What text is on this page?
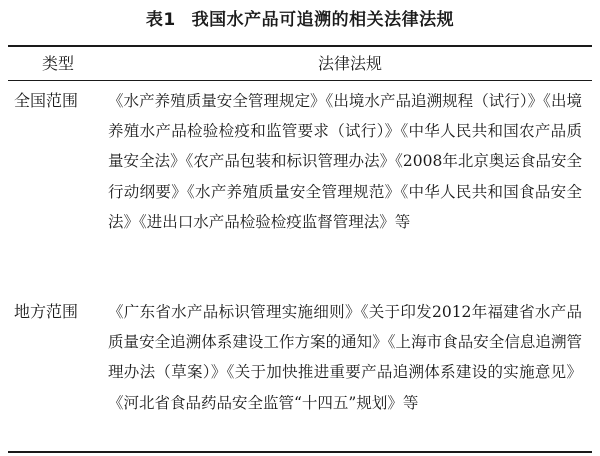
表1 我国水产品可追溯的相关法律法规
类型	法律法规
全国范围	《水产养殖质量安全管理规定》《出境水产品追溯规程（试行）》《出境养殖水产品检验检疫和监管要求（试行）》《中华人民共和国农产品质量安全法》《农产品包装和标识管理办法》《2008年北京奥运食品安全行动纲要》《水产养殖质量安全管理规范》《中华人民共和国食品安全法》《进出口水产品检验检疫监督管理法》等
地方范围	《广东省水产品标识管理实施细则》《关于印发2012年福建省水产品质量安全追溯体系建设工作方案的通知》《上海市食品安全信息追溯管理办法（草案）》《关于加快推进重要产品追溯体系建设的实施意见》《河北省食品药品安全监管“十四五”规划》等
